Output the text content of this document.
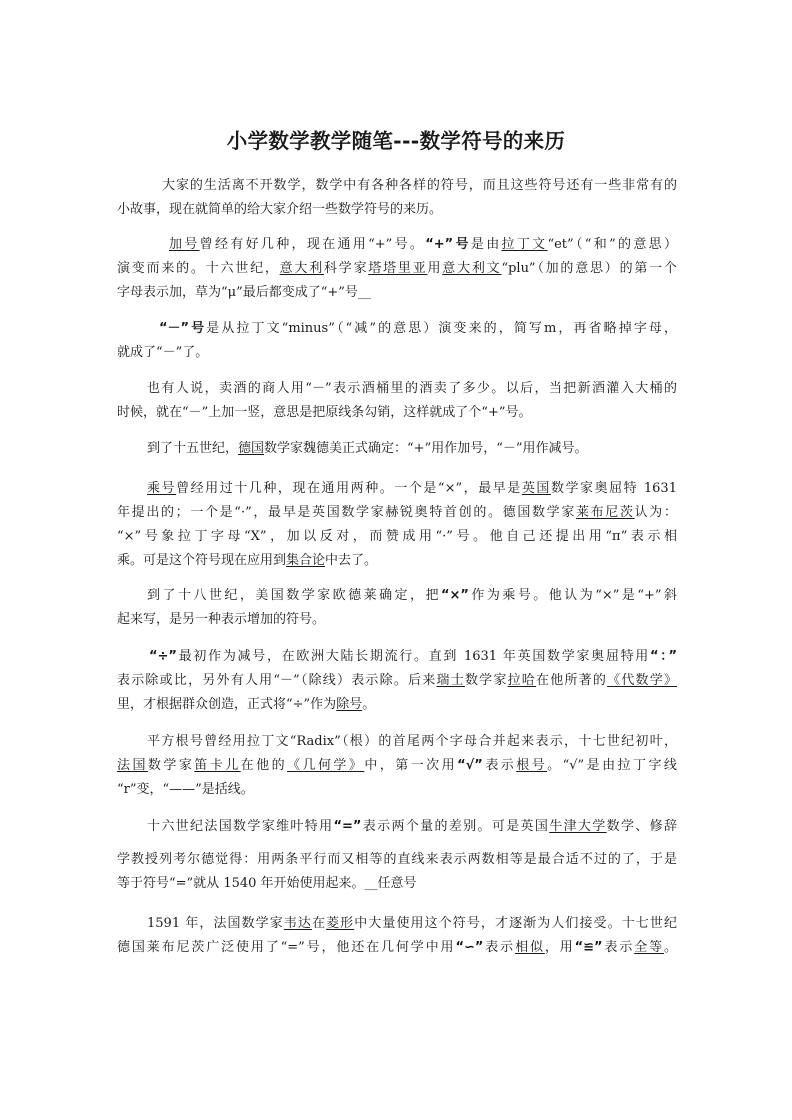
小学数学教学随笔---数学符号的来历
大家的生活离不开数学，数学中有各种各样的符号，而且这些符号还有一些非常有的
小故事，现在就简单的给大家介绍一些数学符号的来历。
加号曾经有好几种，现在通用“+”号。“+”号是由拉丁文“et”（“和”的意思）
演变而来的。十六世纪，意大利科学家塔塔里亚用意大利文“plu”（加的意思）的第一个
字母表示加，草为“μ”最后都变成了“+”号__
“－”号是从拉丁文“minus”（“减”的意思）演变来的，简写m，再省略掉字母，
就成了“－”了。
也有人说，卖酒的商人用“－”表示酒桶里的酒卖了多少。以后，当把新酒灌入大桶的
时候，就在“－”上加一竖，意思是把原线条勾销，这样就成了个“+”号。
到了十五世纪，德国数学家魏德美正式确定：“+”用作加号，“－”用作减号。
乘号曾经用过十几种，现在通用两种。一个是“×”，最早是英国数学家奥屈特 1631
年提出的；一个是“·”，最早是英国数学家赫锐奥特首创的。德国数学家莱布尼茨认为：
“×”号象拉丁字母“X”，加以反对，而赞成用“·”号。他自己还提出用“п”表示相
乘。可是这个符号现在应用到集合论中去了。
到了十八世纪，美国数学家欧德莱确定，把“×”作为乘号。他认为“×”是“+”斜
起来写，是另一种表示增加的符号。
“÷”最初作为减号，在欧洲大陆长期流行。直到 1631 年英国数学家奥屈特用“：”
表示除或比，另外有人用“－”（除线）表示除。后来瑞士数学家拉哈在他所著的《代数学》
里，才根据群众创造，正式将“÷”作为除号。
平方根号曾经用拉丁文“Radix”（根）的首尾两个字母合并起来表示，十七世纪初叶，
法国数学家笛卡儿在他的《几何学》中，第一次用“√”表示根号。“√”是由拉丁字线
“r”变，“——”是括线。
十六世纪法国数学家维叶特用“=”表示两个量的差别。可是英国牛津大学数学、修辞
学教授列考尔德觉得：用两条平行而又相等的直线来表示两数相等是最合适不过的了，于是
等于符号“=”就从 1540 年开始使用起来。__任意号
1591 年，法国数学家韦达在菱形中大量使用这个符号，才逐渐为人们接受。十七世纪
德国莱布尼茨广泛使用了“=”号，他还在几何学中用“∽”表示相似，用“≌”表示全等。
